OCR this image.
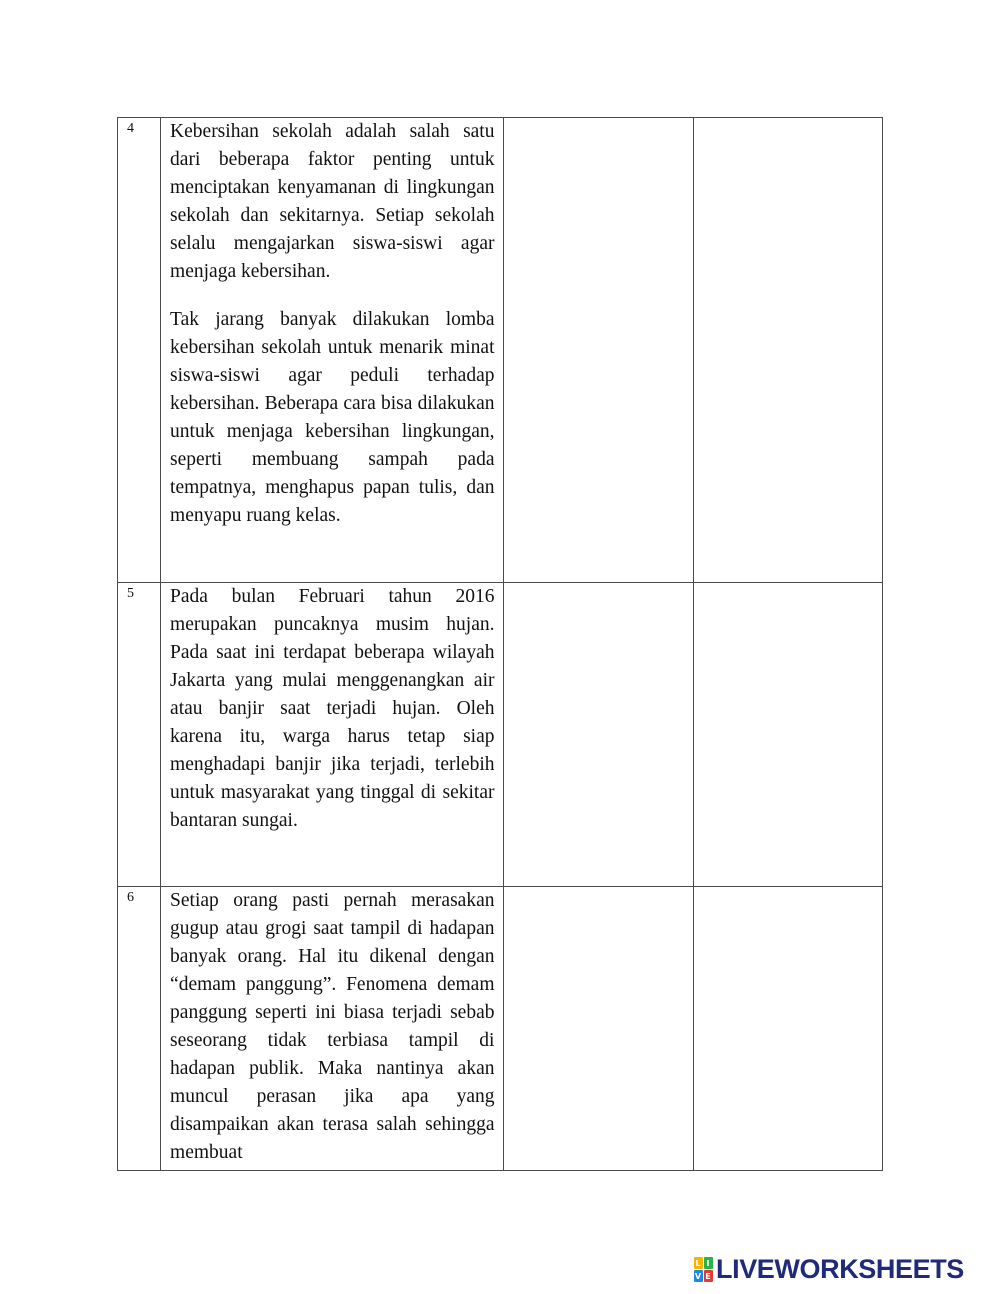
4	Kebersihan sekolah adalah salah satu dari beberapa faktor penting untuk menciptakan kenyamanan di lingkungan sekolah dan sekitarnya. Setiap sekolah selalu mengajarkan siswa-siswi agar menjaga kebersihan.

Tak jarang banyak dilakukan lomba kebersihan sekolah untuk menarik minat siswa-siswi agar peduli terhadap kebersihan. Beberapa cara bisa dilakukan untuk menjaga kebersihan lingkungan, seperti membuang sampah pada tempatnya, menghapus papan tulis, dan menyapu ruang kelas.		

5	Pada bulan Februari tahun 2016 merupakan puncaknya musim hujan. Pada saat ini terdapat beberapa wilayah Jakarta yang mulai menggenangkan air atau banjir saat terjadi hujan. Oleh karena itu, warga harus tetap siap menghadapi banjir jika terjadi, terlebih untuk masyarakat yang tinggal di sekitar bantaran sungai.		

6	Setiap orang pasti pernah merasakan gugup atau grogi saat tampil di hadapan banyak orang. Hal itu dikenal dengan “demam panggung”. Fenomena demam panggung seperti ini biasa terjadi sebab seseorang tidak terbiasa tampil di hadapan publik. Maka nantinya akan muncul perasan jika apa yang disampaikan akan terasa salah sehingga membuat		

L I
V E LIVEWORKSHEETS
